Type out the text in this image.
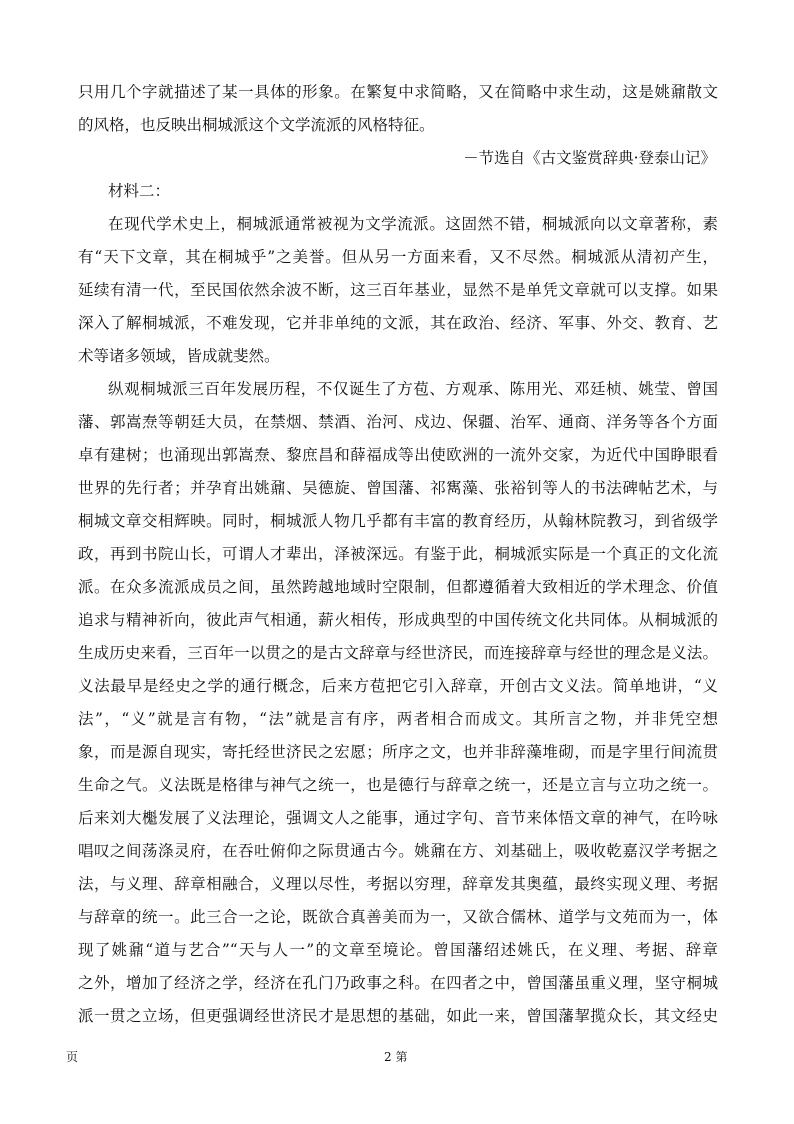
只用几个字就描述了某一具体的形象。在繁复中求简略，又在简略中求生动，这是姚鼐散文
的风格，也反映出桐城派这个文学流派的风格特征。
－节选自《古文鉴赏辞典·登泰山记》
材料二：
在现代学术史上，桐城派通常被视为文学流派。这固然不错，桐城派向以文章著称，素
有“天下文章，其在桐城乎”之美誉。但从另一方面来看，又不尽然。桐城派从清初产生，
延续有清一代，至民国依然余波不断，这三百年基业，显然不是单凭文章就可以支撑。如果
深入了解桐城派，不难发现，它并非单纯的文派，其在政治、经济、军事、外交、教育、艺
术等诸多领域，皆成就斐然。
纵观桐城派三百年发展历程，不仅诞生了方苞、方观承、陈用光、邓廷桢、姚莹、曾国
藩、郭嵩焘等朝廷大员，在禁烟、禁酒、治河、戍边、保疆、治军、通商、洋务等各个方面
卓有建树；也涌现出郭嵩焘、黎庶昌和薛福成等出使欧洲的一流外交家，为近代中国睁眼看
世界的先行者；并孕育出姚鼐、吴德旋、曾国藩、祁寯藻、张裕钊等人的书法碑帖艺术，与
桐城文章交相辉映。同时，桐城派人物几乎都有丰富的教育经历，从翰林院教习，到省级学
政，再到书院山长，可谓人才辈出，泽被深远。有鉴于此，桐城派实际是一个真正的文化流
派。在众多流派成员之间，虽然跨越地域时空限制，但都遵循着大致相近的学术理念、价值
追求与精神祈向，彼此声气相通，薪火相传，形成典型的中国传统文化共同体。从桐城派的
生成历史来看，三百年一以贯之的是古文辞章与经世济民，而连接辞章与经世的理念是义法。
义法最早是经史之学的通行概念，后来方苞把它引入辞章，开创古文义法。简单地讲，“义
法”，“义”就是言有物，“法”就是言有序，两者相合而成文。其所言之物，并非凭空想
象，而是源自现实，寄托经世济民之宏愿；所序之文，也并非辞藻堆砌，而是字里行间流贯
生命之气。义法既是格律与神气之统一，也是德行与辞章之统一，还是立言与立功之统一。
后来刘大櫆发展了义法理论，强调文人之能事，通过字句、音节来体悟文章的神气，在吟咏
唱叹之间荡涤灵府，在吞吐俯仰之际贯通古今。姚鼐在方、刘基础上，吸收乾嘉汉学考据之
法，与义理、辞章相融合，义理以尽性，考据以穷理，辞章发其奥蕴，最终实现义理、考据
与辞章的统一。此三合一之论，既欲合真善美而为一，又欲合儒林、道学与文苑而为一，体
现了姚鼐“道与艺合”“天与人一”的文章至境论。曾国藩绍述姚氏，在义理、考据、辞章
之外，增加了经济之学，经济在孔门乃政事之科。在四者之中，曾国藩虽重义理，坚守桐城
派一贯之立场，但更强调经世济民才是思想的基础，如此一来，曾国藩挈揽众长，其文经史
页	2 第
